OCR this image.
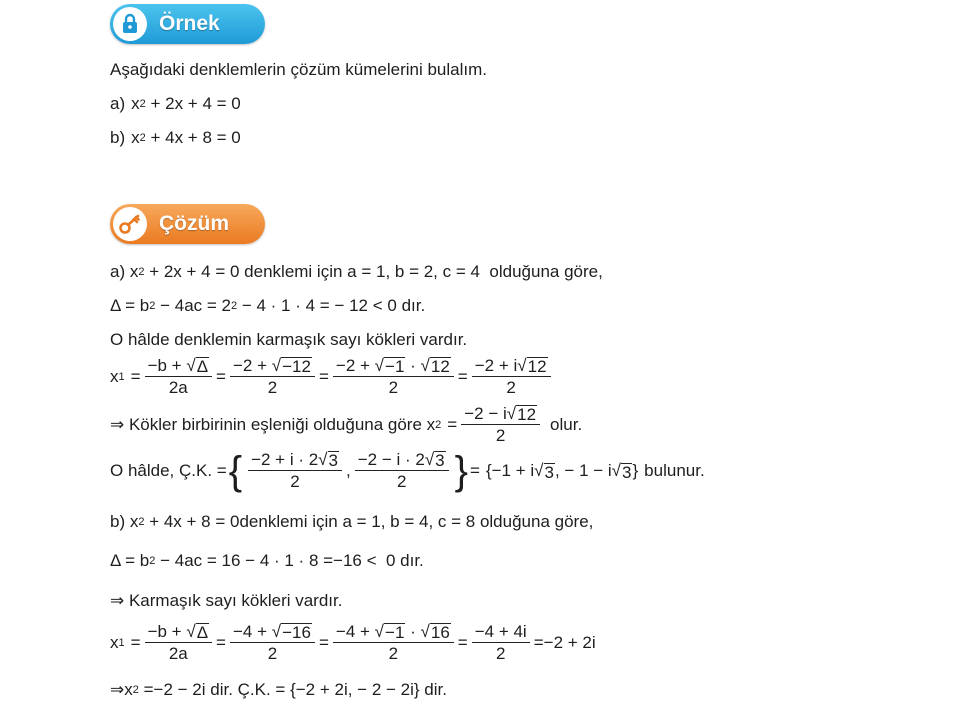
Örnek
Aşağıdaki denklemlerin çözüm kümelerini bulalım.
a) x 2 + 2x + 4 = 0
b) x 2 + 4x + 8 = 0
Çözüm
a) x 2 + 2x + 4 = 0 denklemi için a = 1, b = 2, c = 4  olduğuna göre,
Δ = b 2 − 4ac = 2 2 − 4 · 1 · 4 = − 12 < 0 dır.
O hâlde denklemin karmaşık sayı kökleri vardır.
x $1 = \frac{-b + √ \Delta}{2a} = \frac{-2 + √ -12}{2} = \frac{-2 + √ -1 \cdot √ 12}{2} = \frac{-2 + i √ 12}{2}$
⇒ Kökler birbirinin eşleniği olduğuna göre x $2 = \frac{-2 - i √ 12}{2}$ olur.
O hâlde, Ç.K. = { $\frac{-2 + i \cdot 2 √ 3}{2}$ , $\frac{-2 - i \cdot 2 √ 3}{2}$ } = {−1 + i √ 3 , − 1 − i √ 3 } bulunur.
b) x 2 + 4x + 8 = 0denklemi için a = 1, b = 4, c = 8 olduğuna göre,
Δ = b 2 − 4ac = 16 − 4 · 1 · 8 =−16 <  0 dır.
⇒ Karmaşık sayı kökleri vardır.
x $1 = \frac{-b + √ \Delta}{2a} = \frac{-4 + √ -16}{2} = \frac{-4 + √ -1 \cdot √ 16}{2} = \frac{-4 + 4i}{2} =-2 + 2i$
⇒x 2 =−2 − 2i dir. Ç.K. = {−2 + 2i, − 2 − 2i} dir.
